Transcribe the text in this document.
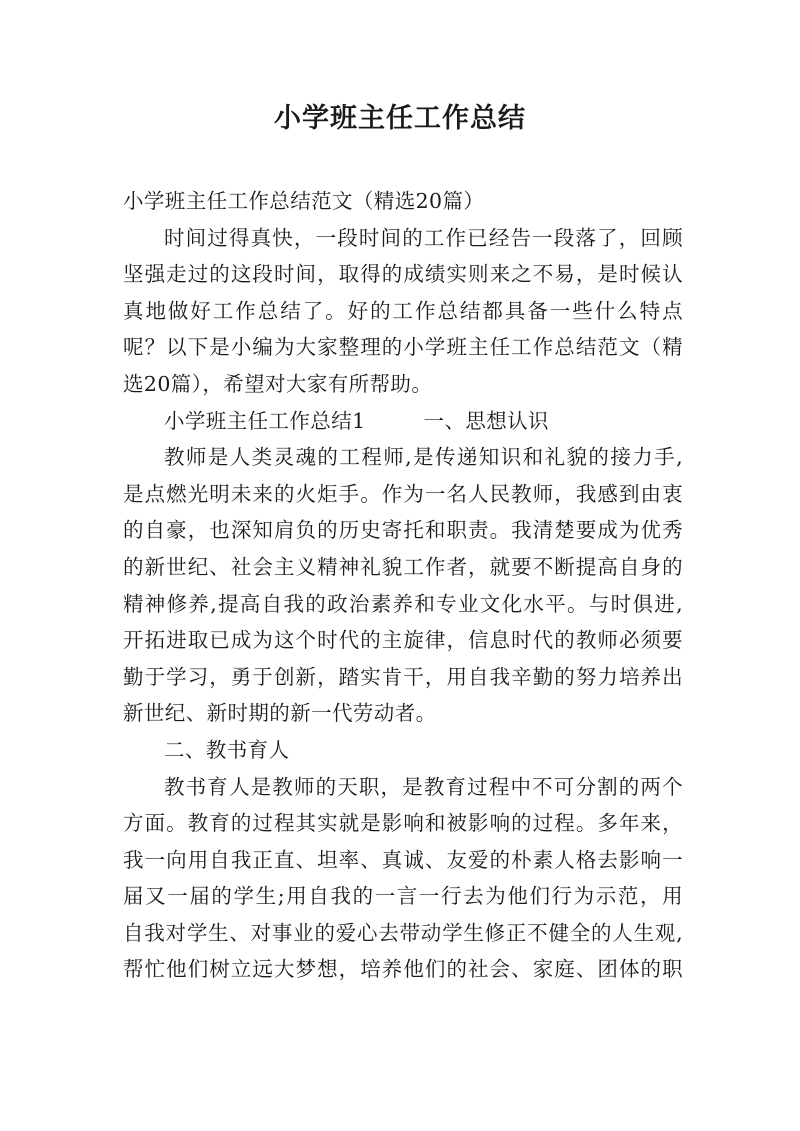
小学班主任工作总结
小学班主任工作总结范文（精选20篇）
时间过得真快，一段时间的工作已经告一段落了，回顾
坚强走过的这段时间，取得的成绩实则来之不易，是时候认
真地做好工作总结了。好的工作总结都具备一些什么特点
呢？以下是小编为大家整理的小学班主任工作总结范文（精
选20篇），希望对大家有所帮助。
小学班主任工作总结1	一、思想认识
教师是人类灵魂的工程师,是传递知识和礼貌的接力手,
是点燃光明未来的火炬手。作为一名人民教师，我感到由衷
的自豪，也深知肩负的历史寄托和职责。我清楚要成为优秀
的新世纪、社会主义精神礼貌工作者，就要不断提高自身的
精神修养,提高自我的政治素养和专业文化水平。与时俱进,
开拓进取已成为这个时代的主旋律，信息时代的教师必须要
勤于学习，勇于创新，踏实肯干，用自我辛勤的努力培养出
新世纪、新时期的新一代劳动者。
二、教书育人
教书育人是教师的天职，是教育过程中不可分割的两个
方面。教育的过程其实就是影响和被影响的过程。多年来，
我一向用自我正直、坦率、真诚、友爱的朴素人格去影响一
届又一届的学生;用自我的一言一行去为他们行为示范，用
自我对学生、对事业的爱心去带动学生修正不健全的人生观,
帮忙他们树立远大梦想，培养他们的社会、家庭、团体的职
